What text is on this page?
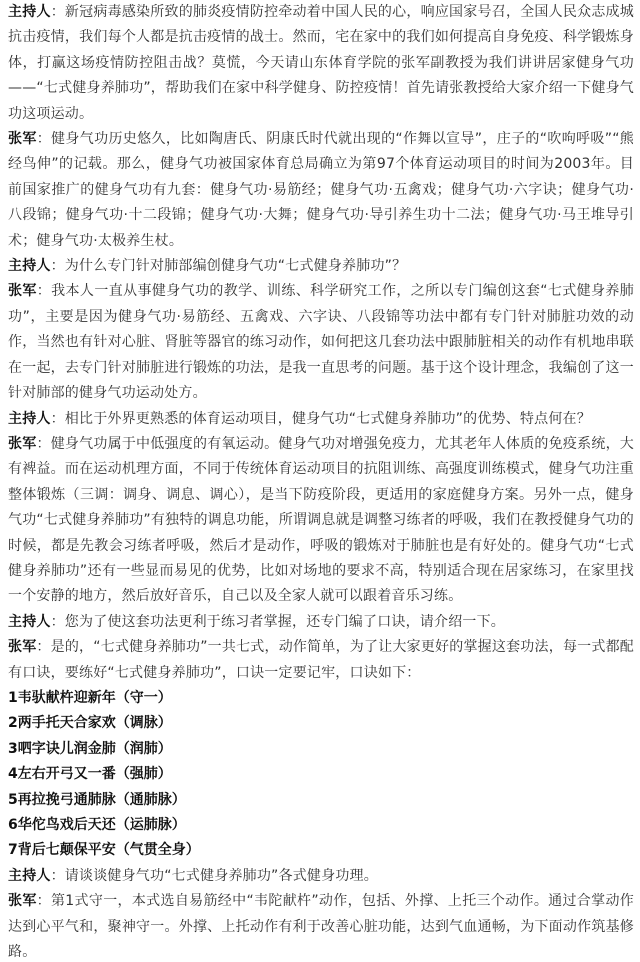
主持人：新冠病毒感染所致的肺炎疫情防控牵动着中国人民的心，响应国家号召，全国人民众志成城抗击疫情，我们每个人都是抗击疫情的战士。然而，宅在家中的我们如何提高自身免疫、科学锻炼身体，打赢这场疫情防控阻击战？莫慌，今天请山东体育学院的张军副教授为我们讲讲居家健身气功——“七式健身养肺功”，帮助我们在家中科学健身、防控疫情！首先请张教授给大家介绍一下健身气功这项运动。

张军：健身气功历史悠久，比如陶唐氏、阴康氏时代就出现的“作舞以宣导”，庄子的“吹呴呼吸”“熊经鸟伸”的记载。那么，健身气功被国家体育总局确立为第97个体育运动项目的时间为2003年。目前国家推广的健身气功有九套：健身气功·易筋经；健身气功·五禽戏；健身气功·六字诀；健身气功·八段锦；健身气功·十二段锦；健身气功·大舞；健身气功·导引养生功十二法；健身气功·马王堆导引术；健身气功·太极养生杖。

主持人：为什么专门针对肺部编创健身气功“七式健身养肺功”？

张军：我本人一直从事健身气功的教学、训练、科学研究工作，之所以专门编创这套“七式健身养肺功”，主要是因为健身气功·易筋经、五禽戏、六字诀、八段锦等功法中都有专门针对肺脏功效的动作，当然也有针对心脏、肾脏等器官的练习动作，如何把这几套功法中跟肺脏相关的动作有机地串联在一起，去专门针对肺脏进行锻炼的功法，是我一直思考的问题。基于这个设计理念，我编创了这一针对肺部的健身气功运动处方。

主持人：相比于外界更熟悉的体育运动项目，健身气功“七式健身养肺功”的优势、特点何在？

张军：健身气功属于中低强度的有氧运动。健身气功对增强免疫力，尤其老年人体质的免疫系统，大有裨益。而在运动机理方面，不同于传统体育运动项目的抗阻训练、高强度训练模式，健身气功注重整体锻炼（三调：调身、调息、调心），是当下防疫阶段，更适用的家庭健身方案。另外一点，健身气功“七式健身养肺功”有独特的调息功能，所谓调息就是调整习练者的呼吸，我们在教授健身气功的时候，都是先教会习练者呼吸，然后才是动作，呼吸的锻炼对于肺脏也是有好处的。健身气功“七式健身养肺功”还有一些显而易见的优势，比如对场地的要求不高，特别适合现在居家练习，在家里找一个安静的地方，然后放好音乐，自己以及全家人就可以跟着音乐习练。

主持人：您为了使这套功法更利于练习者掌握，还专门编了口诀，请介绍一下。

张军：是的，“七式健身养肺功”一共七式，动作简单，为了让大家更好的掌握这套功法，每一式都配有口诀，要练好“七式健身养肺功”，口诀一定要记牢，口诀如下：

1韦驮献杵迎新年（守一）

2两手托天合家欢（调脉）

3呬字诀儿润金肺（润肺）

4左右开弓又一番（强肺）

5再拉挽弓通肺脉（通肺脉）

6华佗鸟戏后天还（运肺脉）

7背后七颠保平安（气贯全身）

主持人：请谈谈健身气功“七式健身养肺功”各式健身功理。

张军：第1式守一，本式选自易筋经中“韦陀献杵”动作，包括、外撑、上托三个动作。通过合掌动作达到心平气和，聚神守一。外撑、上托动作有利于改善心脏功能，达到气血通畅，为下面动作筑基修路。
